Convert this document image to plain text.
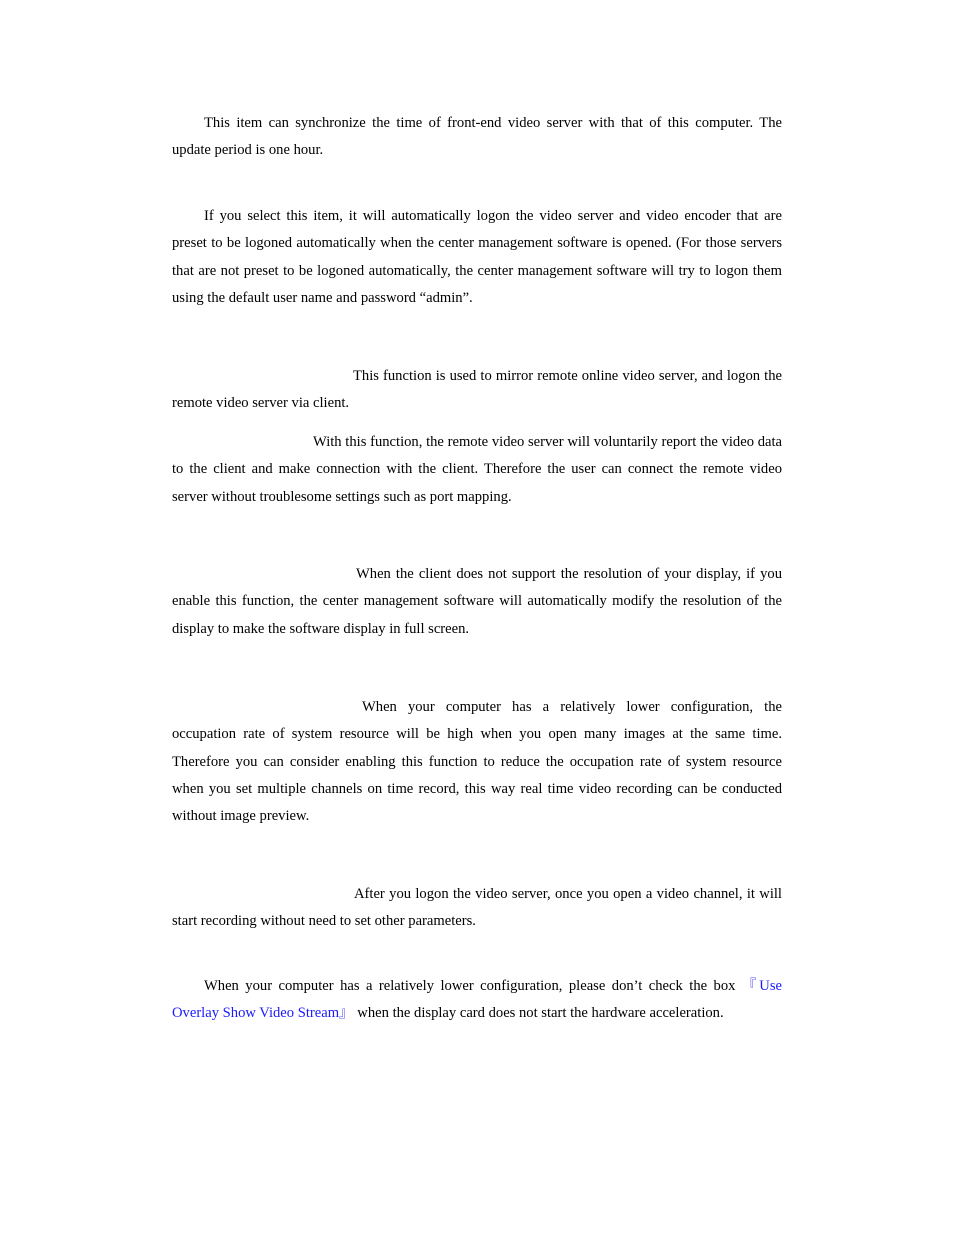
This item can synchronize the time of front-end video server with that of this computer. The update period is one hour.

If you select this item, it will automatically logon the video server and video encoder that are preset to be logoned automatically when the center management software is opened. (For those servers that are not preset to be logoned automatically, the center management software will try to logon them using the default user name and password “admin”.

This function is used to mirror remote online video server, and logon the remote video server via client.

With this function, the remote video server will voluntarily report the video data to the client and make connection with the client. Therefore the user can connect the remote video server without troublesome settings such as port mapping.

When the client does not support the resolution of your display, if you enable this function, the center management software will automatically modify the resolution of the display to make the software display in full screen.

When your computer has a relatively lower configuration, the occupation rate of system resource will be high when you open many images at the same time. Therefore you can consider enabling this function to reduce the occupation rate of system resource when you set multiple channels on time record, this way real time video recording can be conducted without image preview.

After you logon the video server, once you open a video channel, it will start recording without need to set other parameters.

When your computer has a relatively lower configuration, please don’t check the box 『Use Overlay Show Video Stream』 when the display card does not start the hardware acceleration.
